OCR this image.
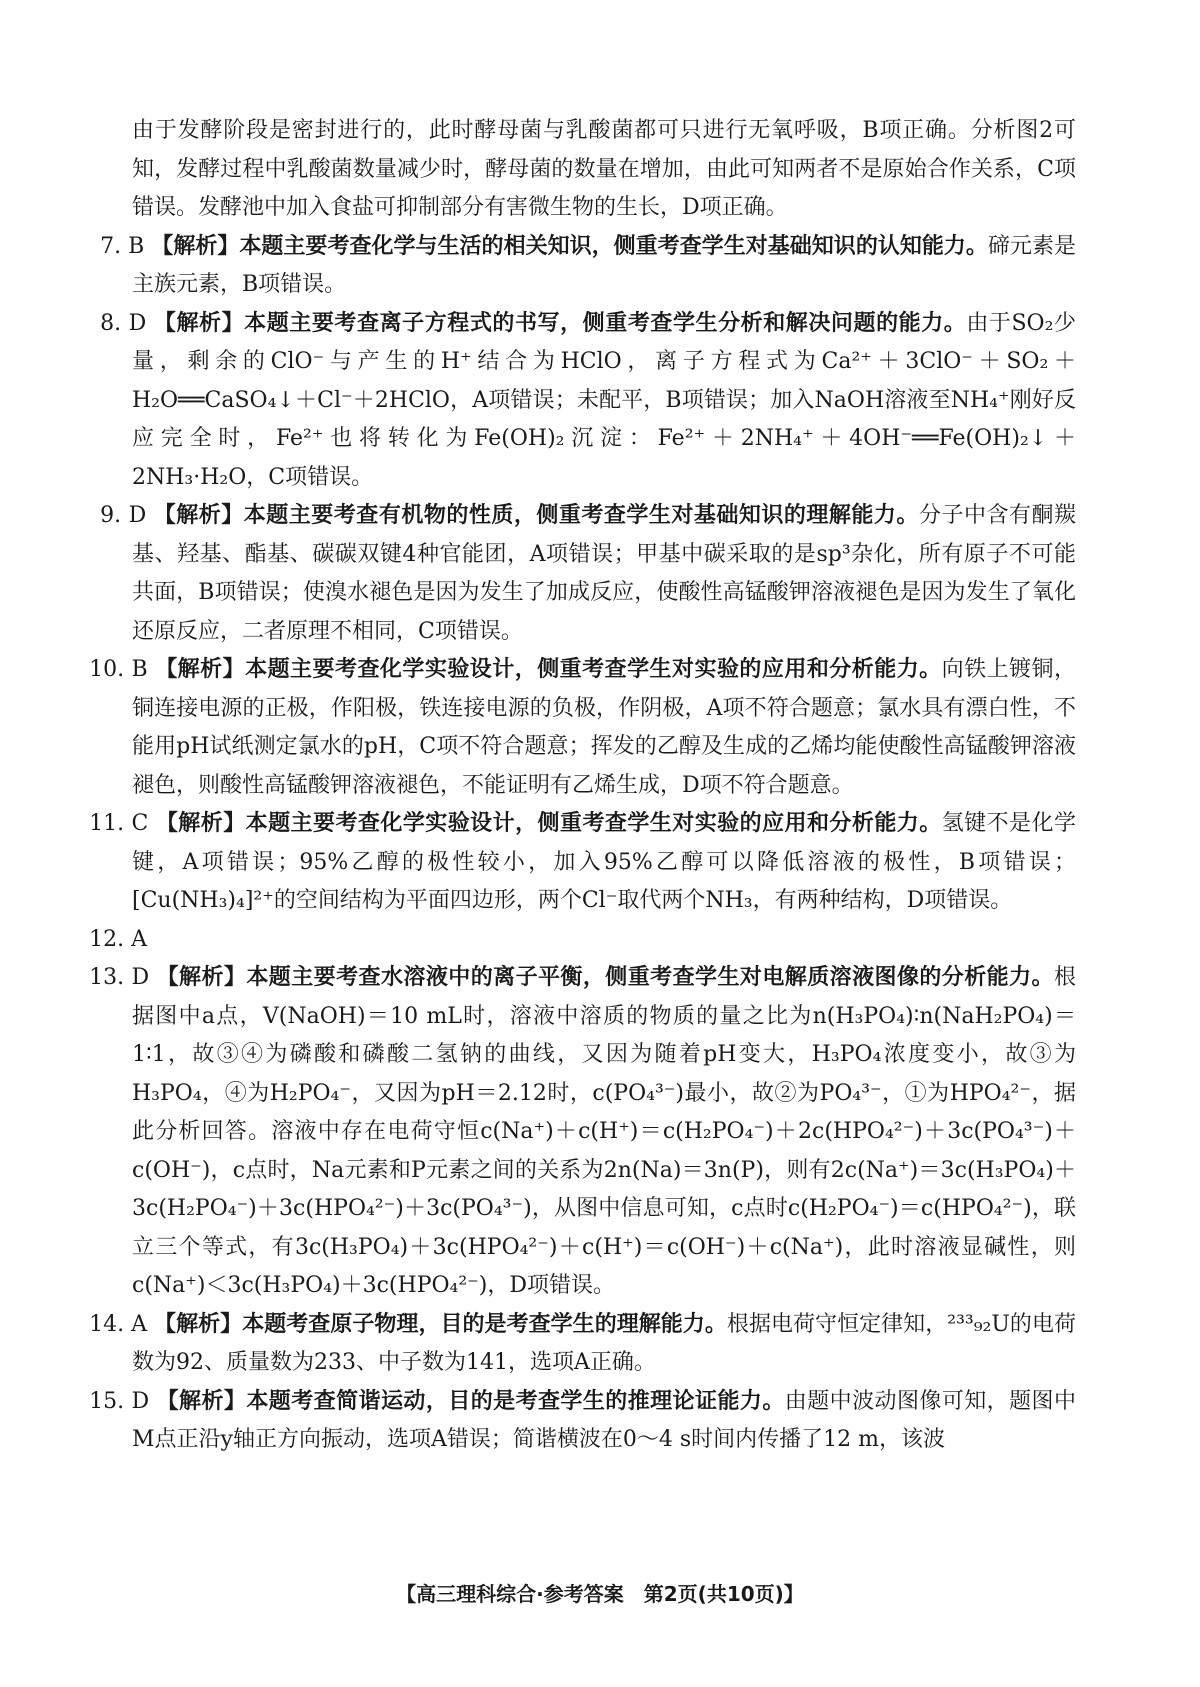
由于发酵阶段是密封进行的，此时酵母菌与乳酸菌都可只进行无氧呼吸，B项正确。分析图2可知，发酵过程中乳酸菌数量减少时，酵母菌的数量在增加，由此可知两者不是原始合作关系，C项错误。发酵池中加入食盐可抑制部分有害微生物的生长，D项正确。

7. B 【解析】本题主要考查化学与生活的相关知识，侧重考查学生对基础知识的认知能力。碲元素是主族元素，B项错误。

8. D 【解析】本题主要考查离子方程式的书写，侧重考查学生分析和解决问题的能力。由于SO₂少量，剩余的ClO⁻与产生的H⁺结合为HClO，离子方程式为Ca²⁺＋3ClO⁻＋SO₂＋H₂O══CaSO₄↓＋Cl⁻＋2HClO，A项错误；未配平，B项错误；加入NaOH溶液至NH₄⁺刚好反应完全时，Fe²⁺也将转化为Fe(OH)₂沉淀：Fe²⁺＋2NH₄⁺＋4OH⁻══Fe(OH)₂↓＋2NH₃·H₂O，C项错误。

9. D 【解析】本题主要考查有机物的性质，侧重考查学生对基础知识的理解能力。分子中含有酮羰基、羟基、酯基、碳碳双键4种官能团，A项错误；甲基中碳采取的是sp³杂化，所有原子不可能共面，B项错误；使溴水褪色是因为发生了加成反应，使酸性高锰酸钾溶液褪色是因为发生了氧化还原反应，二者原理不相同，C项错误。

10. B 【解析】本题主要考查化学实验设计，侧重考查学生对实验的应用和分析能力。向铁上镀铜，铜连接电源的正极，作阳极，铁连接电源的负极，作阴极，A项不符合题意；氯水具有漂白性，不能用pH试纸测定氯水的pH，C项不符合题意；挥发的乙醇及生成的乙烯均能使酸性高锰酸钾溶液褪色，则酸性高锰酸钾溶液褪色，不能证明有乙烯生成，D项不符合题意。

11. C 【解析】本题主要考查化学实验设计，侧重考查学生对实验的应用和分析能力。氢键不是化学键，A项错误；95%乙醇的极性较小，加入95%乙醇可以降低溶液的极性，B项错误；[Cu(NH₃)₄]²⁺的空间结构为平面四边形，两个Cl⁻取代两个NH₃，有两种结构，D项错误。

12. A

13. D 【解析】本题主要考查水溶液中的离子平衡，侧重考查学生对电解质溶液图像的分析能力。根据图中a点，V(NaOH)＝10 mL时，溶液中溶质的物质的量之比为n(H₃PO₄)∶n(NaH₂PO₄)＝1∶1，故③④为磷酸和磷酸二氢钠的曲线，又因为随着pH变大，H₃PO₄浓度变小，故③为H₃PO₄，④为H₂PO₄⁻，又因为pH＝2.12时，c(PO₄³⁻)最小，故②为PO₄³⁻，①为HPO₄²⁻，据此分析回答。溶液中存在电荷守恒c(Na⁺)＋c(H⁺)＝c(H₂PO₄⁻)＋2c(HPO₄²⁻)＋3c(PO₄³⁻)＋c(OH⁻)，c点时，Na元素和P元素之间的关系为2n(Na)＝3n(P)，则有2c(Na⁺)＝3c(H₃PO₄)＋3c(H₂PO₄⁻)＋3c(HPO₄²⁻)＋3c(PO₄³⁻)，从图中信息可知，c点时c(H₂PO₄⁻)＝c(HPO₄²⁻)，联立三个等式，有3c(H₃PO₄)＋3c(HPO₄²⁻)＋c(H⁺)＝c(OH⁻)＋c(Na⁺)，此时溶液显碱性，则c(Na⁺)＜3c(H₃PO₄)＋3c(HPO₄²⁻)，D项错误。

14. A 【解析】本题考查原子物理，目的是考查学生的理解能力。根据电荷守恒定律知，²³³₉₂U的电荷数为92、质量数为233、中子数为141，选项A正确。

15. D 【解析】本题考查简谐运动，目的是考查学生的推理论证能力。由题中波动图像可知，题图中M点正沿y轴正方向振动，选项A错误；简谐横波在0～4 s时间内传播了12 m，该波

【高三理科综合·参考答案　第2页(共10页)】
